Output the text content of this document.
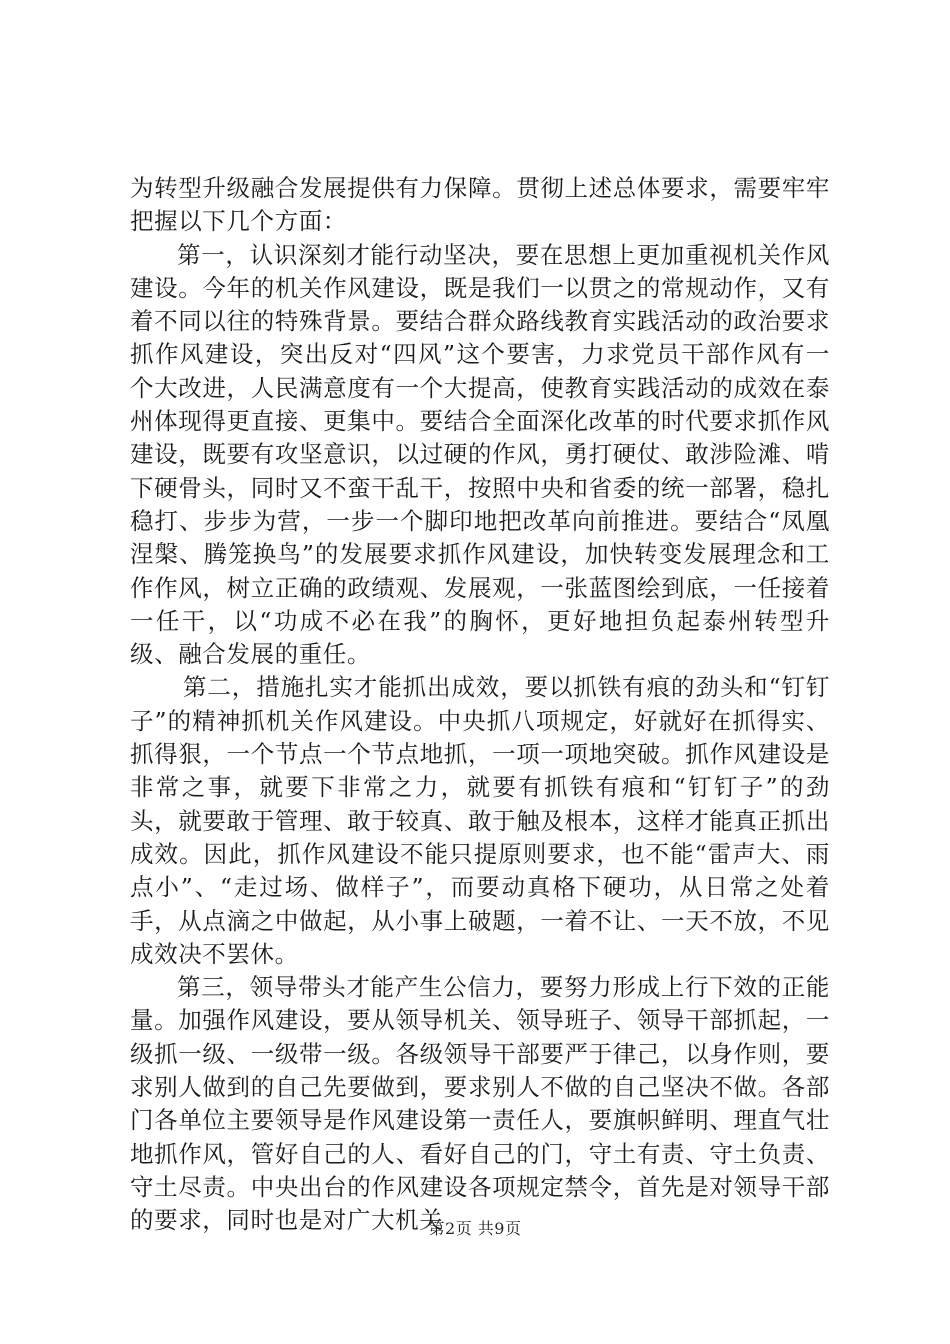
为转型升级融合发展提供有力保障。贯彻上述总体要求，需要牢牢把握以下几个方面：

第一，认识深刻才能行动坚决，要在思想上更加重视机关作风建设。今年的机关作风建设，既是我们一以贯之的常规动作，又有着不同以往的特殊背景。要结合群众路线教育实践活动的政治要求抓作风建设，突出反对“四风”这个要害，力求党员干部作风有一个大改进，人民满意度有一个大提高，使教育实践活动的成效在泰州体现得更直接、更集中。要结合全面深化改革的时代要求抓作风建设，既要有攻坚意识，以过硬的作风，勇打硬仗、敢涉险滩、啃下硬骨头，同时又不蛮干乱干，按照中央和省委的统一部署，稳扎稳打、步步为营，一步一个脚印地把改革向前推进。要结合“凤凰涅槃、腾笼换鸟”的发展要求抓作风建设，加快转变发展理念和工作作风，树立正确的政绩观、发展观，一张蓝图绘到底，一任接着一任干，以“功成不必在我”的胸怀，更好地担负起泰州转型升级、融合发展的重任。

第二，措施扎实才能抓出成效，要以抓铁有痕的劲头和“钉钉子”的精神抓机关作风建设。中央抓八项规定，好就好在抓得实、抓得狠，一个节点一个节点地抓，一项一项地突破。抓作风建设是非常之事，就要下非常之力，就要有抓铁有痕和“钉钉子”的劲头，就要敢于管理、敢于较真、敢于触及根本，这样才能真正抓出成效。因此，抓作风建设不能只提原则要求，也不能“雷声大、雨点小”、“走过场、做样子”，而要动真格下硬功，从日常之处着手，从点滴之中做起，从小事上破题，一着不让、一天不放，不见成效决不罢休。

第三，领导带头才能产生公信力，要努力形成上行下效的正能量。加强作风建设，要从领导机关、领导班子、领导干部抓起，一级抓一级、一级带一级。各级领导干部要严于律己，以身作则，要求别人做到的自己先要做到，要求别人不做的自己坚决不做。各部门各单位主要领导是作风建设第一责任人，要旗帜鲜明、理直气壮地抓作风，管好自己的人、看好自己的门，守土有责、守土负责、守土尽责。中央出台的作风建设各项规定禁令，首先是对领导干部的要求，同时也是对广大机关

第2页 共9页
